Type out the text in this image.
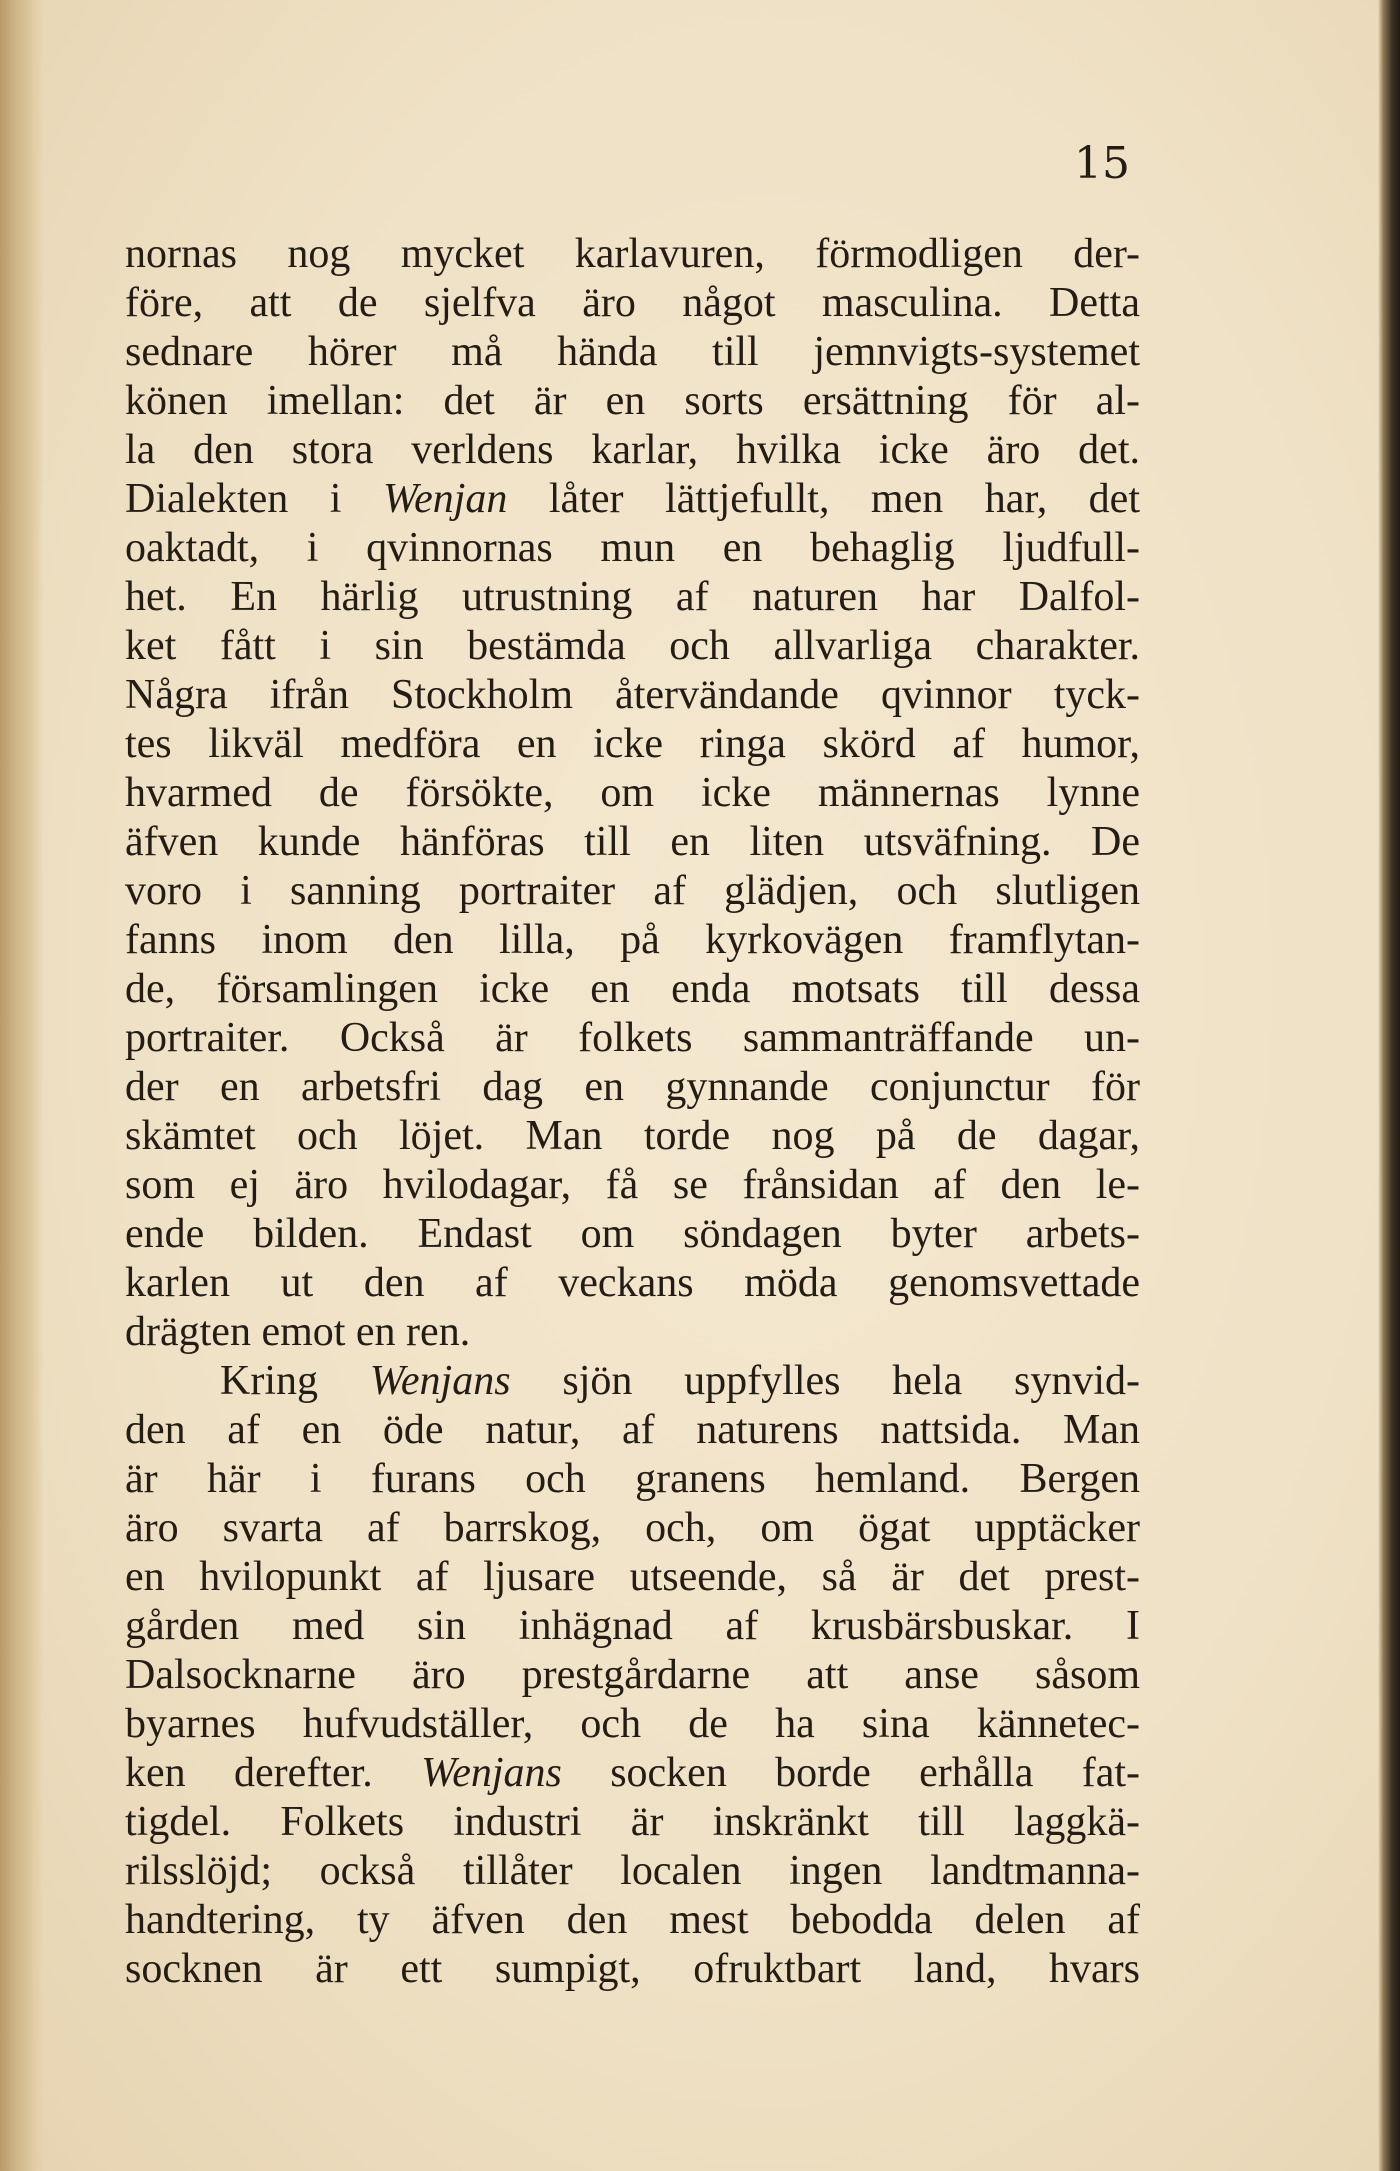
15
nornas nog mycket karlavuren, förmodligen der-
före, att de sjelfva äro något masculina. Detta
sednare hörer må hända till jemnvigts-systemet
könen imellan: det är en sorts ersättning för al-
la den stora verldens karlar, hvilka icke äro det.
Dialekten i Wenjan låter lättjefullt, men har, det
oaktadt, i qvinnornas mun en behaglig ljudfull-
het. En härlig utrustning af naturen har Dalfol-
ket fått i sin bestämda och allvarliga charakter.
Några ifrån Stockholm återvändande qvinnor tyck-
tes likväl medföra en icke ringa skörd af humor,
hvarmed de försökte, om icke männernas lynne
äfven kunde hänföras till en liten utsväfning. De
voro i sanning portraiter af glädjen, och slutligen
fanns inom den lilla, på kyrkovägen framflytan-
de, församlingen icke en enda motsats till dessa
portraiter. Också är folkets sammanträffande un-
der en arbetsfri dag en gynnande conjunctur för
skämtet och löjet. Man torde nog på de dagar,
som ej äro hvilodagar, få se frånsidan af den le-
ende bilden. Endast om söndagen byter arbets-
karlen ut den af veckans möda genomsvettade
drägten emot en ren.
Kring Wenjans sjön uppfylles hela synvid-
den af en öde natur, af naturens nattsida. Man
är här i furans och granens hemland. Bergen
äro svarta af barrskog, och, om ögat upptäcker
en hvilopunkt af ljusare utseende, så är det prest-
gården med sin inhägnad af krusbärsbuskar. I
Dalsocknarne äro prestgårdarne att anse såsom
byarnes hufvudställer, och de ha sina kännetec-
ken derefter. Wenjans socken borde erhålla fat-
tigdel. Folkets industri är inskränkt till laggkä-
rilsslöjd; också tillåter localen ingen landtmanna-
handtering, ty äfven den mest bebodda delen af
socknen är ett sumpigt, ofruktbart land, hvars
